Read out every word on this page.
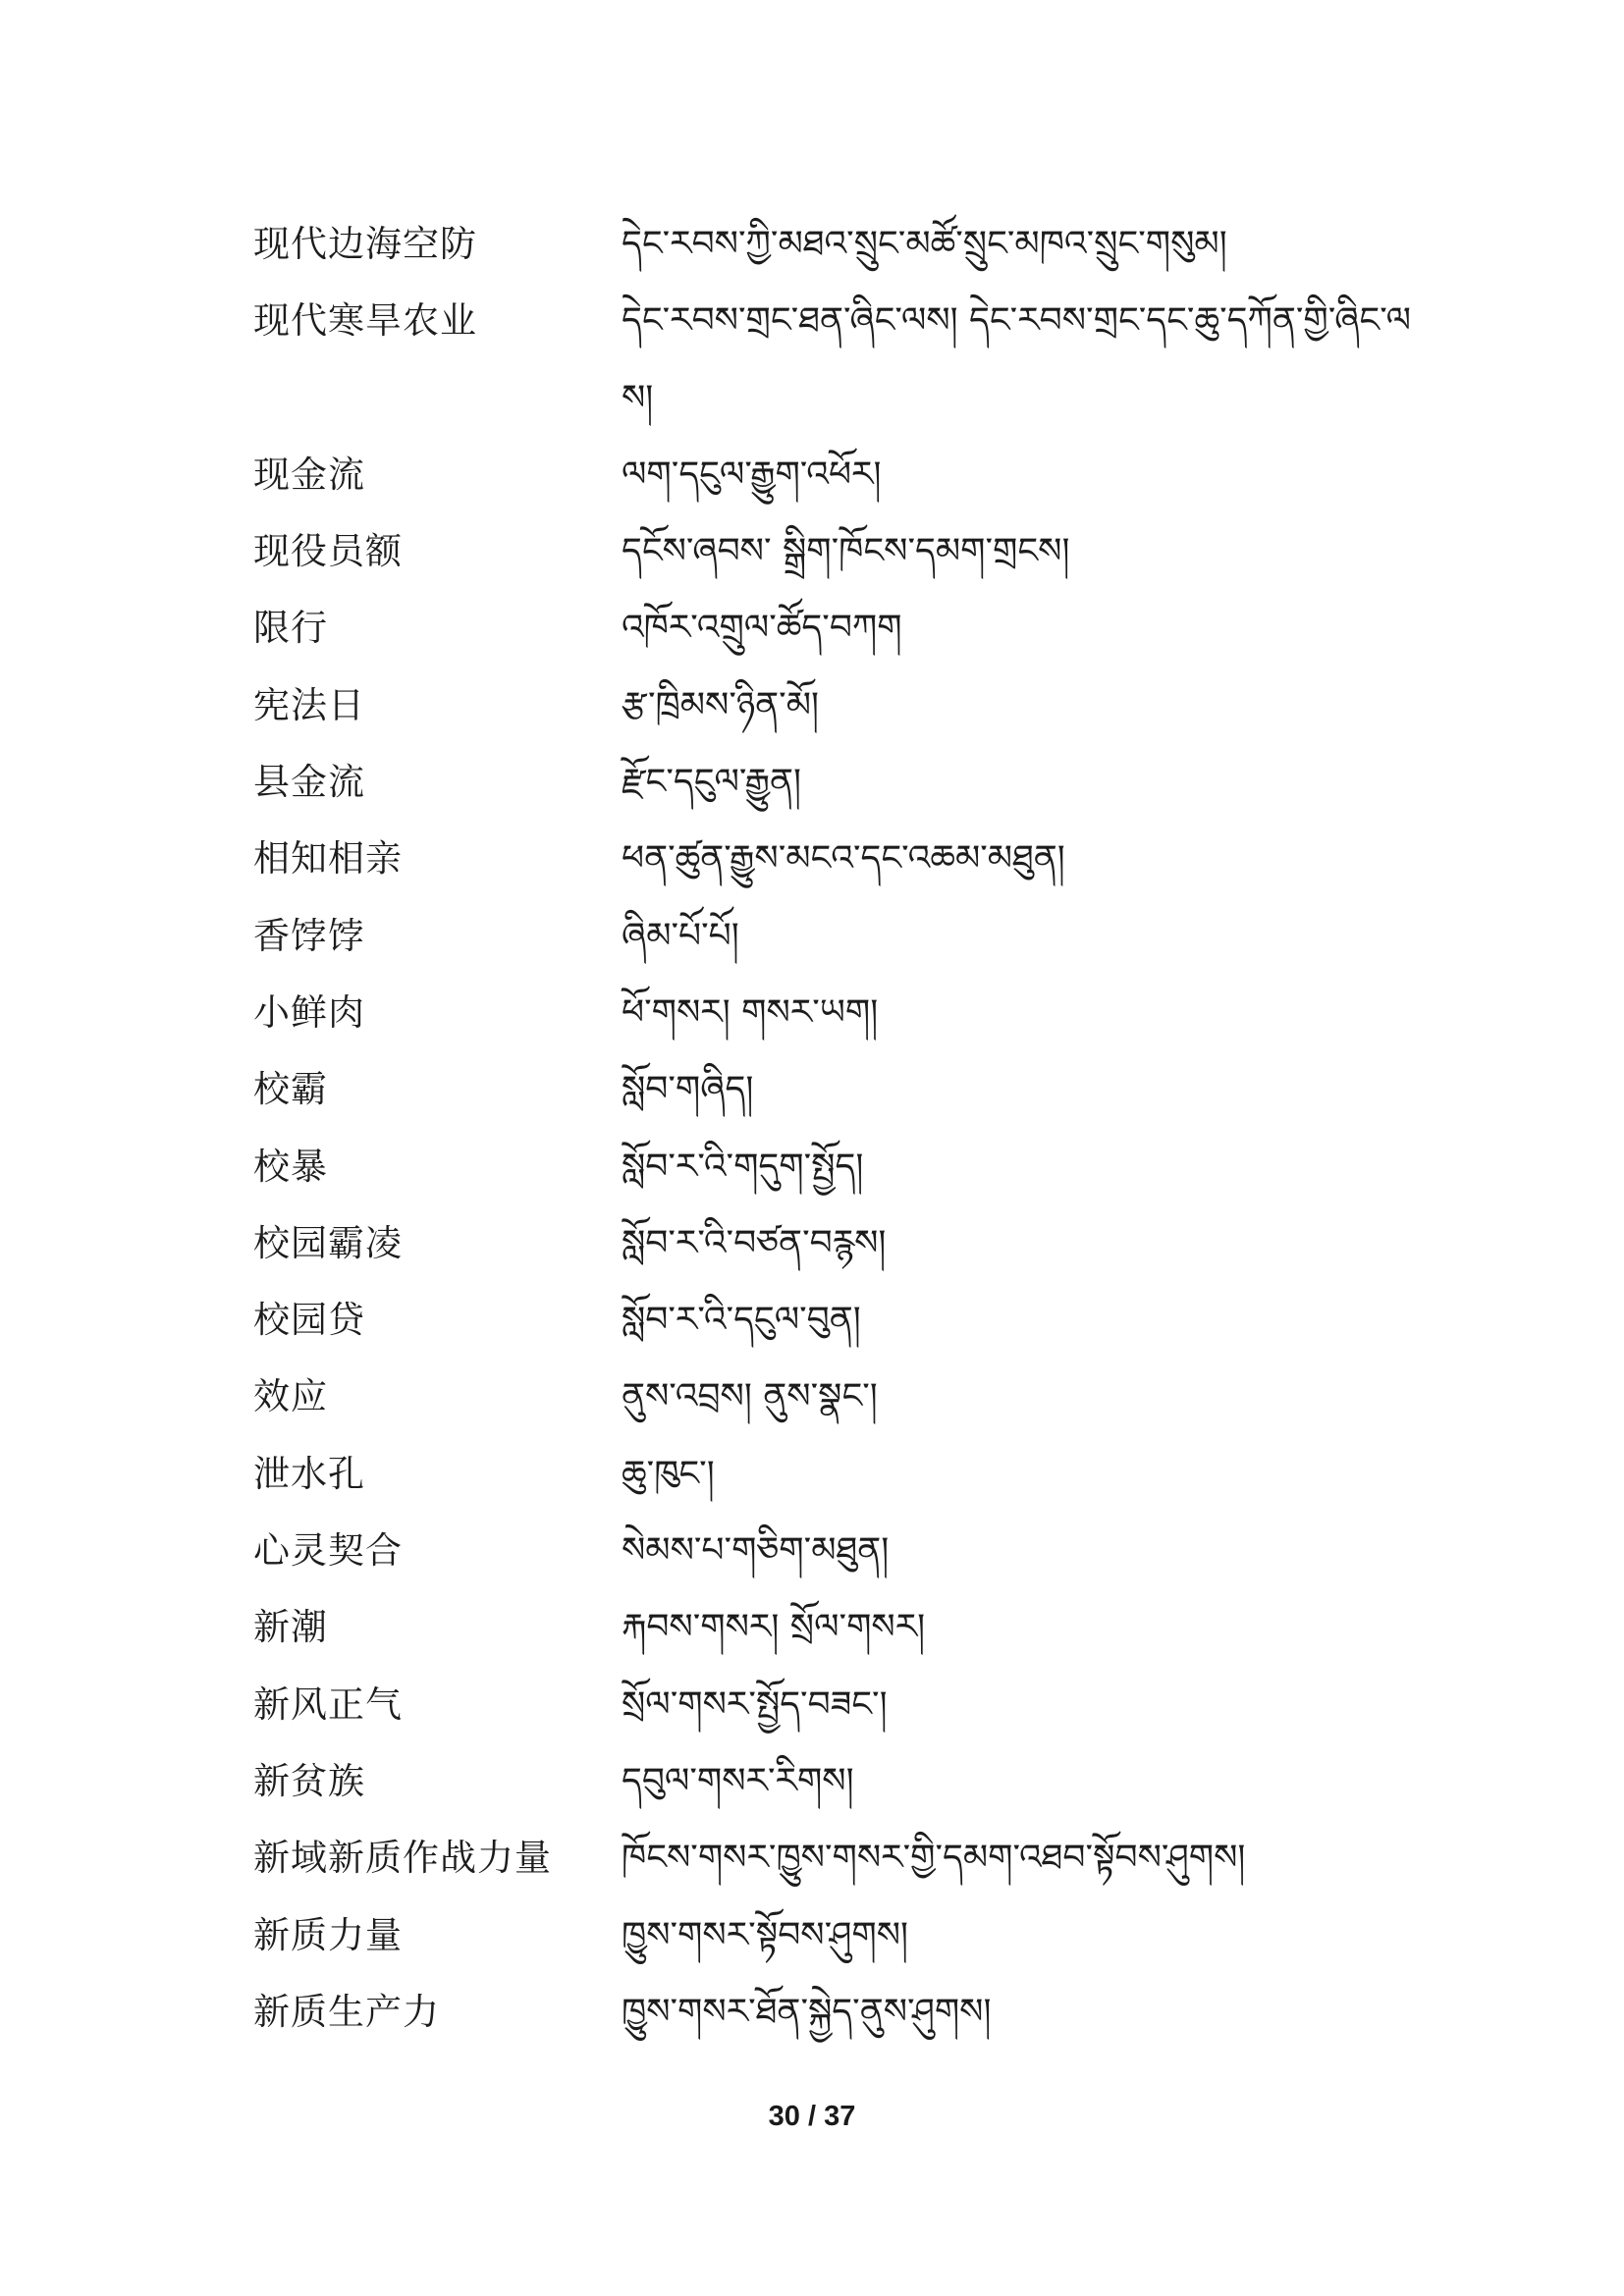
现代边海空防	དེང་རབས་ཀྱི་མཐའ་སྲུང་མཚོ་སྲུང་མཁའ་སྲུང་གསུམ།
现代寒旱农业	དེང་རབས་གྲང་ཐན་ཞིང་ལས། དེང་རབས་གྲང་དང་ཆུ་དཀོན་གྱི་ཞིང་ལས།
现金流	ལག་དངུལ་རྒྱུག་འཕོར།
现役员额	དངོས་ཞབས་ སྒྲིག་ཁོངས་དམག་གྲངས།
限行	འཁོར་འགྲུལ་ཚོད་བཀག
宪法日	རྩ་ཁྲིམས་ཉིན་མོ།
县金流	རྫོང་དངུལ་རྒྱུན།
相知相亲	ཕན་ཚུན་རྒྱུས་མངའ་དང་འཆམ་མཐུན།
香饽饽	ཞིམ་པོ་པོ།
小鲜肉	ཕོ་གསར། གསར་ཡག།
校霸	སློབ་གཞིད།
校暴	སློབ་ར་འི་གདུག་སྤྱོད།
校园霸凌	སློབ་ར་འི་བཙན་བརྙས།
校园贷	སློབ་ར་འི་དངུལ་བུན།
效应	ནུས་འབྲས། ནུས་སྣང་།
泄水孔	ཆུ་ཁུང་།
心灵契合	སེམས་པ་གཅིག་མཐུན།
新潮	རྐབས་གསར། སྲོལ་གསར།
新风正气	སྲོལ་གསར་སྤྱོད་བཟང་།
新贫族	དབུལ་གསར་རིགས།
新域新质作战力量	ཁོངས་གསར་ཁྱུས་གསར་གྱི་དམག་འཐབ་སྟོབས་ཤུགས།
新质力量	ཁྱུས་གསར་སྟོབས་ཤུགས།
新质生产力	ཁྱུས་གསར་ཐོན་སྐྱེད་ནུས་ཤུགས།
30 / 37
